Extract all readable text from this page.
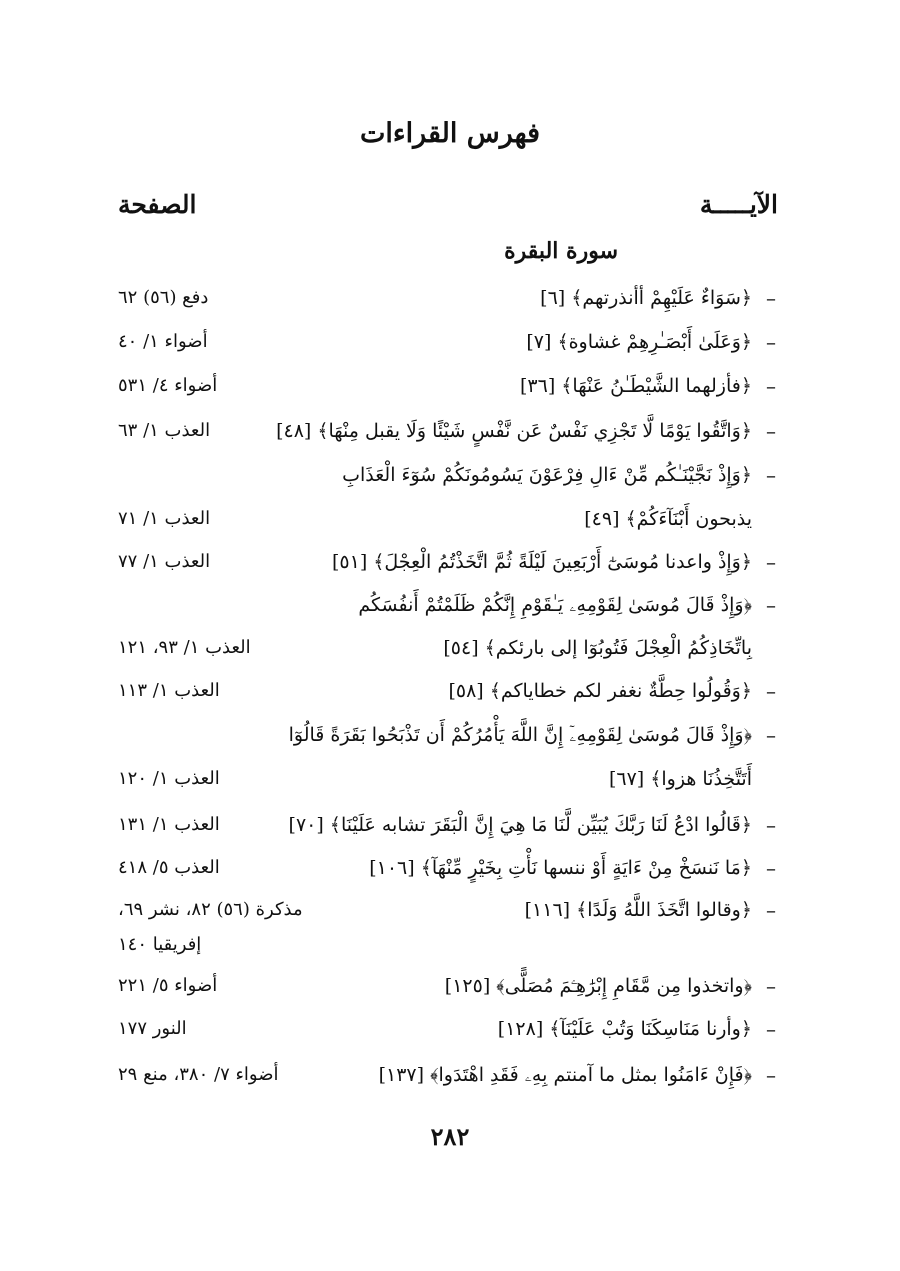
فهرس القراءات
الآيـــــة
الصفحة
سورة البقرة
–
﴿سَوَاءٌ عَلَيْهِمْ أأنذرتهم﴾ [٦]
دفع (٥٦) ٦٢
–
﴿وَعَلَىٰ أَبْصَـٰرِهِمْ غشاوة﴾ [٧]
أضواء ١/ ٤٠
–
﴿فأزلهما الشَّيْطَـٰنُ عَنْهَا﴾ [٣٦]
أضواء ٤/ ٥٣١
–
﴿وَاتَّقُوا يَوْمًا لَّا تَجْزِي نَفْسٌ عَن نَّفْسٍ شَيْئًا وَلَا يقبل مِنْهَا﴾ [٤٨]
العذب ١/ ٦٣
–
﴿وَإِذْ نَجَّيْنَـٰكُم مِّنْ ءَالِ فِرْعَوْنَ يَسُومُونَكُمْ سُوٓءَ الْعَذَابِ
يذبحون أَبْنَآءَكُمْ﴾ [٤٩]
العذب ١/ ٧١
–
﴿وَإِذْ واعدنا مُوسَىٰٓ أَرْبَعِينَ لَيْلَةً ثُمَّ اتَّخَذْتُمُ الْعِجْلَ﴾ [٥١]
العذب ١/ ٧٧
–
﴿وَإِذْ قَالَ مُوسَىٰ لِقَوْمِهِۦ يَـٰقَوْمِ إِنَّكُمْ ظَلَمْتُمْ أَنفُسَكُم
بِاتِّخَاذِكُمُ الْعِجْلَ فَتُوبُوٓا إلى بارئكم﴾ [٥٤]
العذب ١/ ٩٣، ١٢١
–
﴿وَقُولُوا حِطَّةٌ نغفر لكم خطاياكم﴾ [٥٨]
العذب ١/ ١١٣
–
﴿وَإِذْ قَالَ مُوسَىٰ لِقَوْمِهِۦٓ إِنَّ اللَّهَ يَأْمُرُكُمْ أَن تَذْبَحُوا بَقَرَةً قَالُوٓا
أَتَتَّخِذُنَا هزوا﴾ [٦٧]
العذب ١/ ١٢٠
–
﴿قَالُوا ادْعُ لَنَا رَبَّكَ يُبَيِّن لَّنَا مَا هِيَ إِنَّ الْبَقَرَ تشابه عَلَيْنَا﴾ [٧٠]
العذب ١/ ١٣١
–
﴿مَا نَنسَخْ مِنْ ءَايَةٍ أَوْ ننسها نَأْتِ بِخَيْرٍ مِّنْهَآ﴾ [١٠٦]
العذب ٥/ ٤١٨
–
﴿وقالوا اتَّخَذَ اللَّهُ وَلَدًا﴾ [١١٦]
مذكرة (٥٦) ٨٢، نشر ٦٩،
إفريقيا ١٤٠
–
﴿واتخذوا مِن مَّقَامِ إِبْرَٰهِـۧمَ مُصَلًّى﴾ [١٢٥]
أضواء ٥/ ٢٢١
–
﴿وأرنا مَنَاسِكَنَا وَتُبْ عَلَيْنَآ﴾ [١٢٨]
النور ١٧٧
–
﴿فَإِنْ ءَامَنُوا بمثل ما آمنتم بِهِۦ فَقَدِ اهْتَدَوا﴾ [١٣٧]
أضواء ٧/ ٣٨٠، منع ٢٩
٢٨٢
